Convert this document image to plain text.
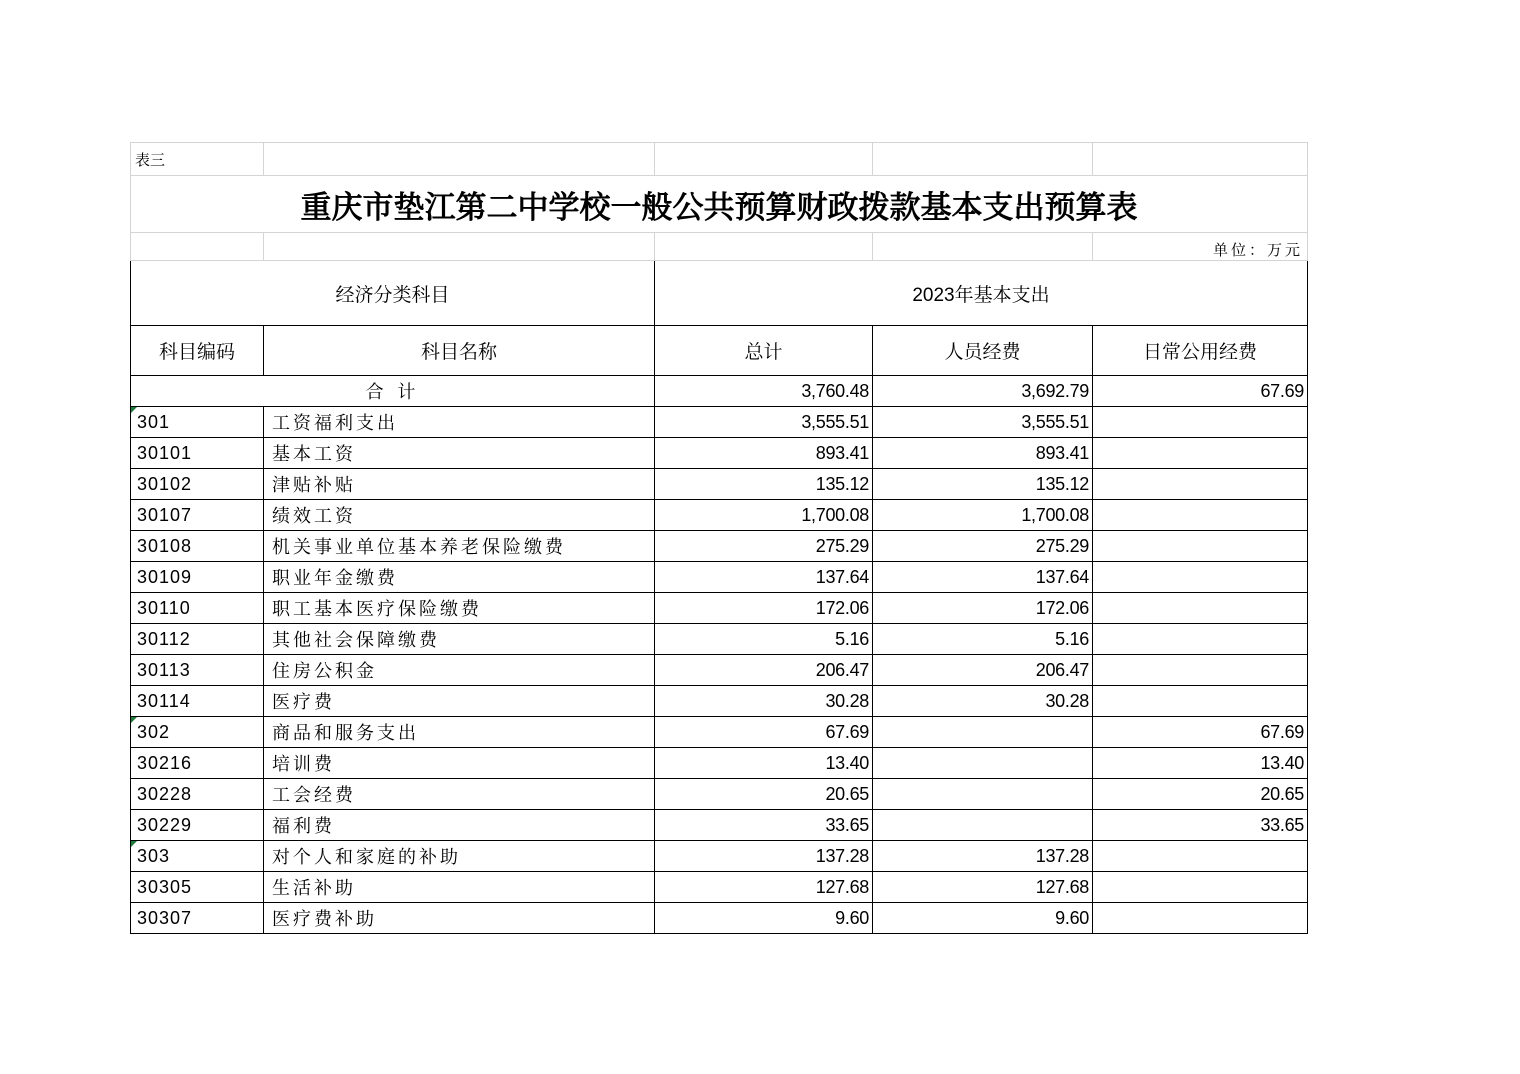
表三				
重庆市垫江第二中学校一般公共预算财政拨款基本支出预算表				
				单位：万元
经济分类科目		2023年基本支出		
科目编码	科目名称	总计	人员经费	日常公用经费
合 计		3,760.48	3,692.79	67.69

301	工资福利支出	3,555.51	3,555.51	
30101	基本工资	893.41	893.41	
30102	津贴补贴	135.12	135.12	
30107	绩效工资	1,700.08	1,700.08	
30108	机关事业单位基本养老保险缴费	275.29	275.29	
30109	职业年金缴费	137.64	137.64	
30110	职工基本医疗保险缴费	172.06	172.06	
30112	其他社会保障缴费	5.16	5.16	
30113	住房公积金	206.47	206.47	
30114	医疗费	30.28	30.28	

302	商品和服务支出	67.69		67.69
30216	培训费	13.40		13.40
30228	工会经费	20.65		20.65
30229	福利费	33.65		33.65

303	对个人和家庭的补助	137.28	137.28	
30305	生活补助	127.68	127.68	
30307	医疗费补助	9.60	9.60	
